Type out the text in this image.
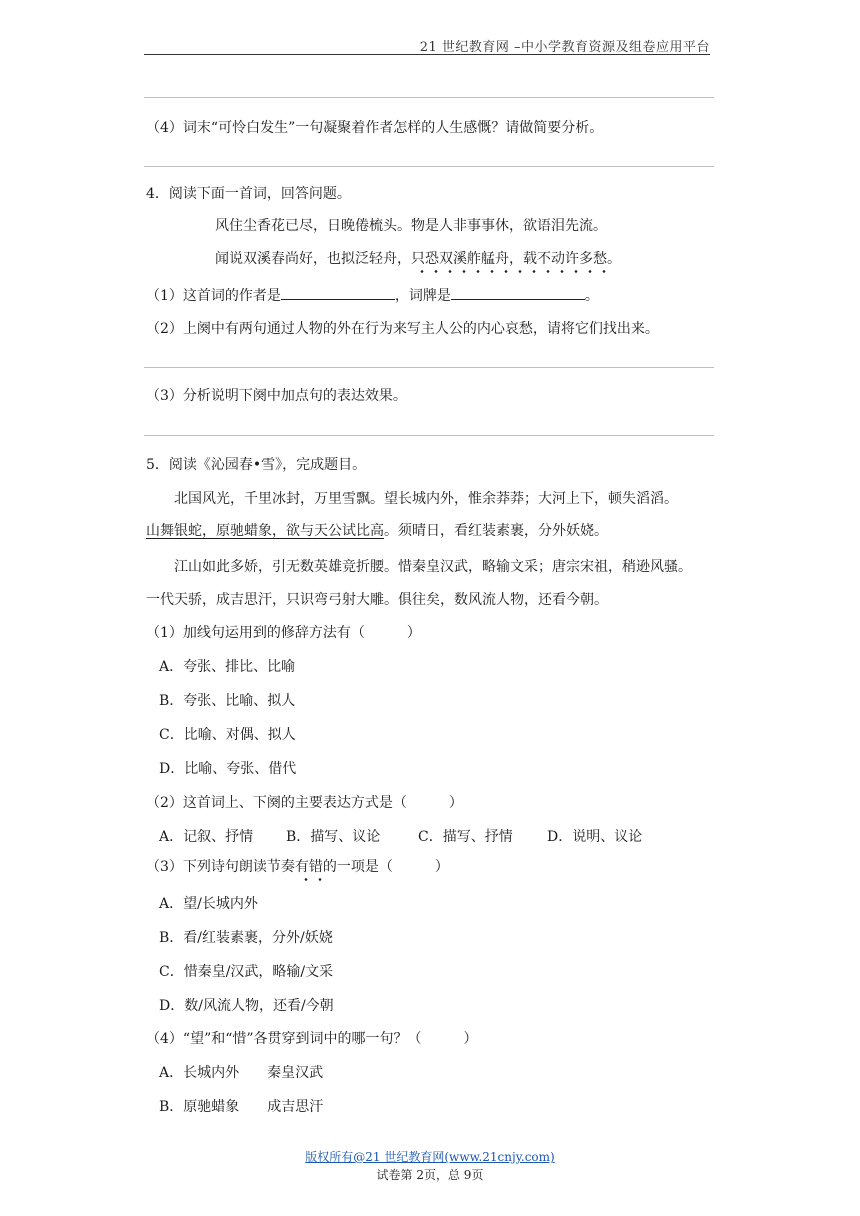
21 世纪教育网 –中小学教育资源及组卷应用平台
（4）词末“可怜白发生”一句凝聚着作者怎样的人生感慨？请做简要分析。
4．阅读下面一首词，回答问题。
风住尘香花已尽，日晚倦梳头。物是人非事事休，欲语泪先流。
闻说双溪春尚好，也拟泛轻舟，只恐双溪舴艋舟，载不动许多愁。
（1）这首词的作者是	，词牌是	。
（2）上阕中有两句通过人物的外在行为来写主人公的内心哀愁，请将它们找出来。
（3）分析说明下阕中加点句的表达效果。
5．阅读《沁园春•雪》，完成题目。
北国风光，千里冰封，万里雪飘。望长城内外，惟余莽莽；大河上下，顿失滔滔。
山舞银蛇，原驰蜡象，欲与天公试比高。须晴日，看红装素裹，分外妖娆。
江山如此多娇，引无数英雄竞折腰。惜秦皇汉武，略输文采；唐宗宋祖，稍逊风骚。
一代天骄，成吉思汗，只识弯弓射大雕。俱往矣，数风流人物，还看今朝。
（1）加线句运用到的修辞方法有（　　　）
A．夸张、排比、比喻
B．夸张、比喻、拟人
C．比喻、对偶、拟人
D．比喻、夸张、借代
（2）这首词上、下阕的主要表达方式是（　　　）
A．记叙、抒情 B．描写、议论	C．描写、抒情 D．说明、议论
（3）下列诗句朗读节奏有错的一项是（　　　）
A．望/长城内外
B．看/红装素裹，分外/妖娆
C．惜秦皇/汉武，略输/文采
D．数/风流人物，还看/今朝
（4）“望”和“惜”各贯穿到词中的哪一句？（　　　）
A．长城内外　　秦皇汉武
B．原驰蜡象　　成吉思汗
版权所有@21 世纪教育网(www.21cnjy.com)
试卷第 2页，总 9页
